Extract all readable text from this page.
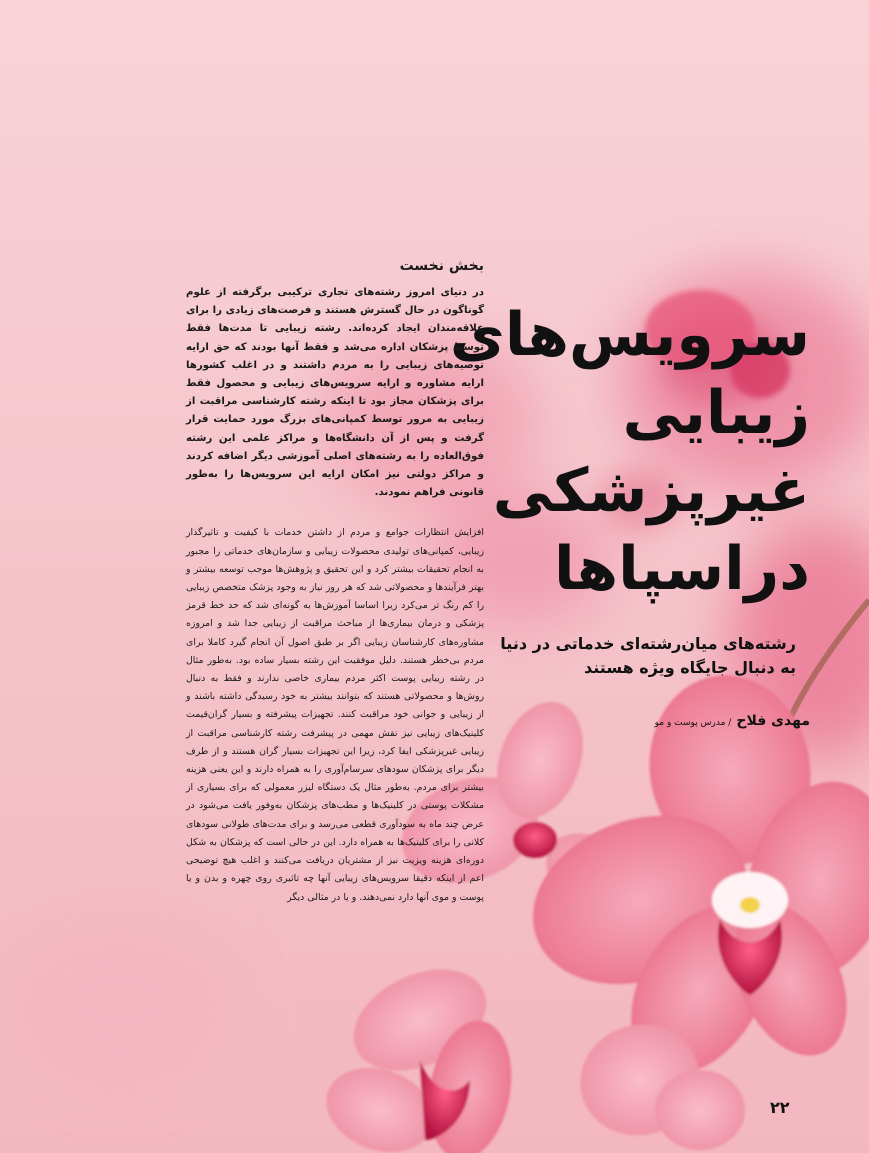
سرویس‌های

زیبایی

غیرپزشکی

دراسپاها

رشته‌های میان‌رشته‌ای خدماتی در دنیا
به دنبال جایگاه ویژه هستند
مهدی فلاح / مدرس پوست و مو
بخش نخست

در دنیای امروز رشته‌های تجاری ترکیبی برگرفته از علوم گوناگون در حال گسترش هستند و فرصت‌های زیادی را برای علاقه‌مندان ایجاد کرده‌اند. رشته زیبایی تا مدت‌ها فقط توسط پزشکان اداره می‌شد و فقط آنها بودند که حق ارایه توصیه‌های زیبایی را به مردم داشتند و در اغلب کشورها ارایه مشاوره و ارایه سرویس‌های زیبایی و محصول فقط برای پزشکان مجاز بود تا اینکه رشته کارشناسی مراقبت از زیبایی به مرور توسط کمپانی‌های بزرگ مورد حمایت قرار گرفت و پس از آن دانشگاه‌ها و مراکز علمی این رشته فوق‌العاده را به رشته‌های اصلی آموزشی دیگر اضافه کردند و مراکز دولتی نیز امکان ارایه این سرویس‌ها را به‌طور قانونی فراهم نمودند.

افزایش انتظارات جوامع و مردم از داشتن خدمات با کیفیت و تاثیرگذار زیبایی، کمپانی‌های تولیدی محصولات زیبایی و سازمان‌های خدماتی را مجبور به انجام تحقیقات بیشتر کرد و این تحقیق و پژوهش‌ها موجب توسعه بیشتر و بهتر فرآیندها و محصولاتی شد که هر روز نیاز به وجود پزشک متخصص زیبایی را کم رنگ تر می‌کرد زیرا اساسا آموزش‌ها به گونه‌ای شد که حد خط قرمز پزشکی و درمان بیماری‌ها از مباحث مراقبت از زیبایی جدا شد و امروزه مشاوره‌های کارشناسان زیبایی اگر بر طبق اصول آن انجام گیرد کاملا برای مردم بی‌خطر هستند. دلیل موفقیت این رشته بسیار ساده بود. به‌طور مثال در رشته زیبایی پوست اکثر مردم بیماری خاصی ندارند و فقط به دنبال روش‌ها و محصولاتی هستند که بتوانند بیشتر به خود رسیدگی داشته باشند و از زیبایی و جوانی خود مراقبت کنند. تجهیزات پیشرفته و بسیار گران‌قیمت کلینیک‌های زیبایی نیز نقش مهمی در پیشرفت رشته کارشناسی مراقبت از زیبایی غیرپزشکی ایفا کرد، زیرا این تجهیزات بسیار گران هستند و از طرف دیگر برای پزشکان سودهای سرسام‌آوری را به همراه دارند و این یعنی هزینه بیشتر برای مردم. به‌طور مثال یک دستگاه لیزر معمولی که برای بسیاری از مشکلات پوستی در کلینیک‌ها و مطب‌های پزشکان به‌وفور یافت می‌شود در عرض چند ماه به سودآوری قطعی می‌رسد و برای مدت‌های طولانی سودهای کلانی را برای کلینیک‌ها به همراه دارد. این در حالی است که پزشکان به شکل دوره‌ای هزینه ویزیت نیز از مشتریان دریافت می‌کنند و اغلب هیچ توضیحی اعم از اینکه دقیقا سرویس‌های زیبایی آنها چه تاثیری روی چهره و بدن و یا پوست و موی آنها دارد نمی‌دهند. و یا در مثالی دیگر

۲۲
